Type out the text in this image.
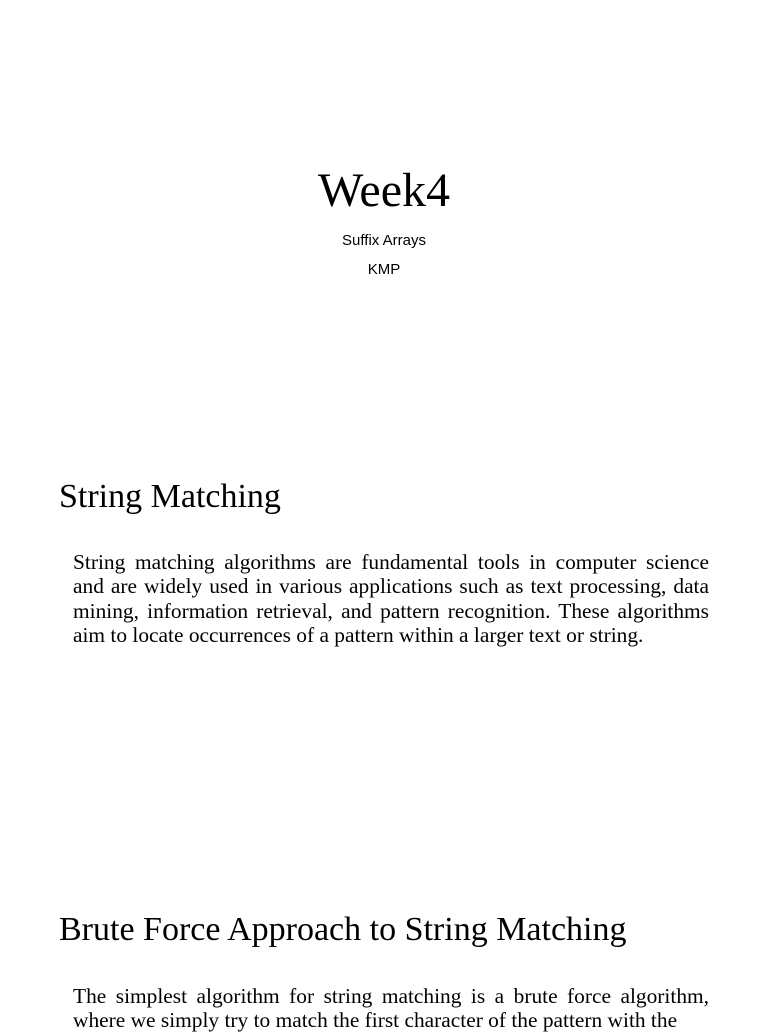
Week4

Suffix Arrays

KMP

String Matching

String matching algorithms are fundamental tools in computer science and are widely used in various applications such as text processing, data mining, information retrieval, and pattern recognition. These algorithms aim to locate occurrences of a pattern within a larger text or string.

Brute Force Approach to String Matching

The simplest algorithm for string matching is a brute force algorithm, where we simply try to match the first character of the pattern with the
